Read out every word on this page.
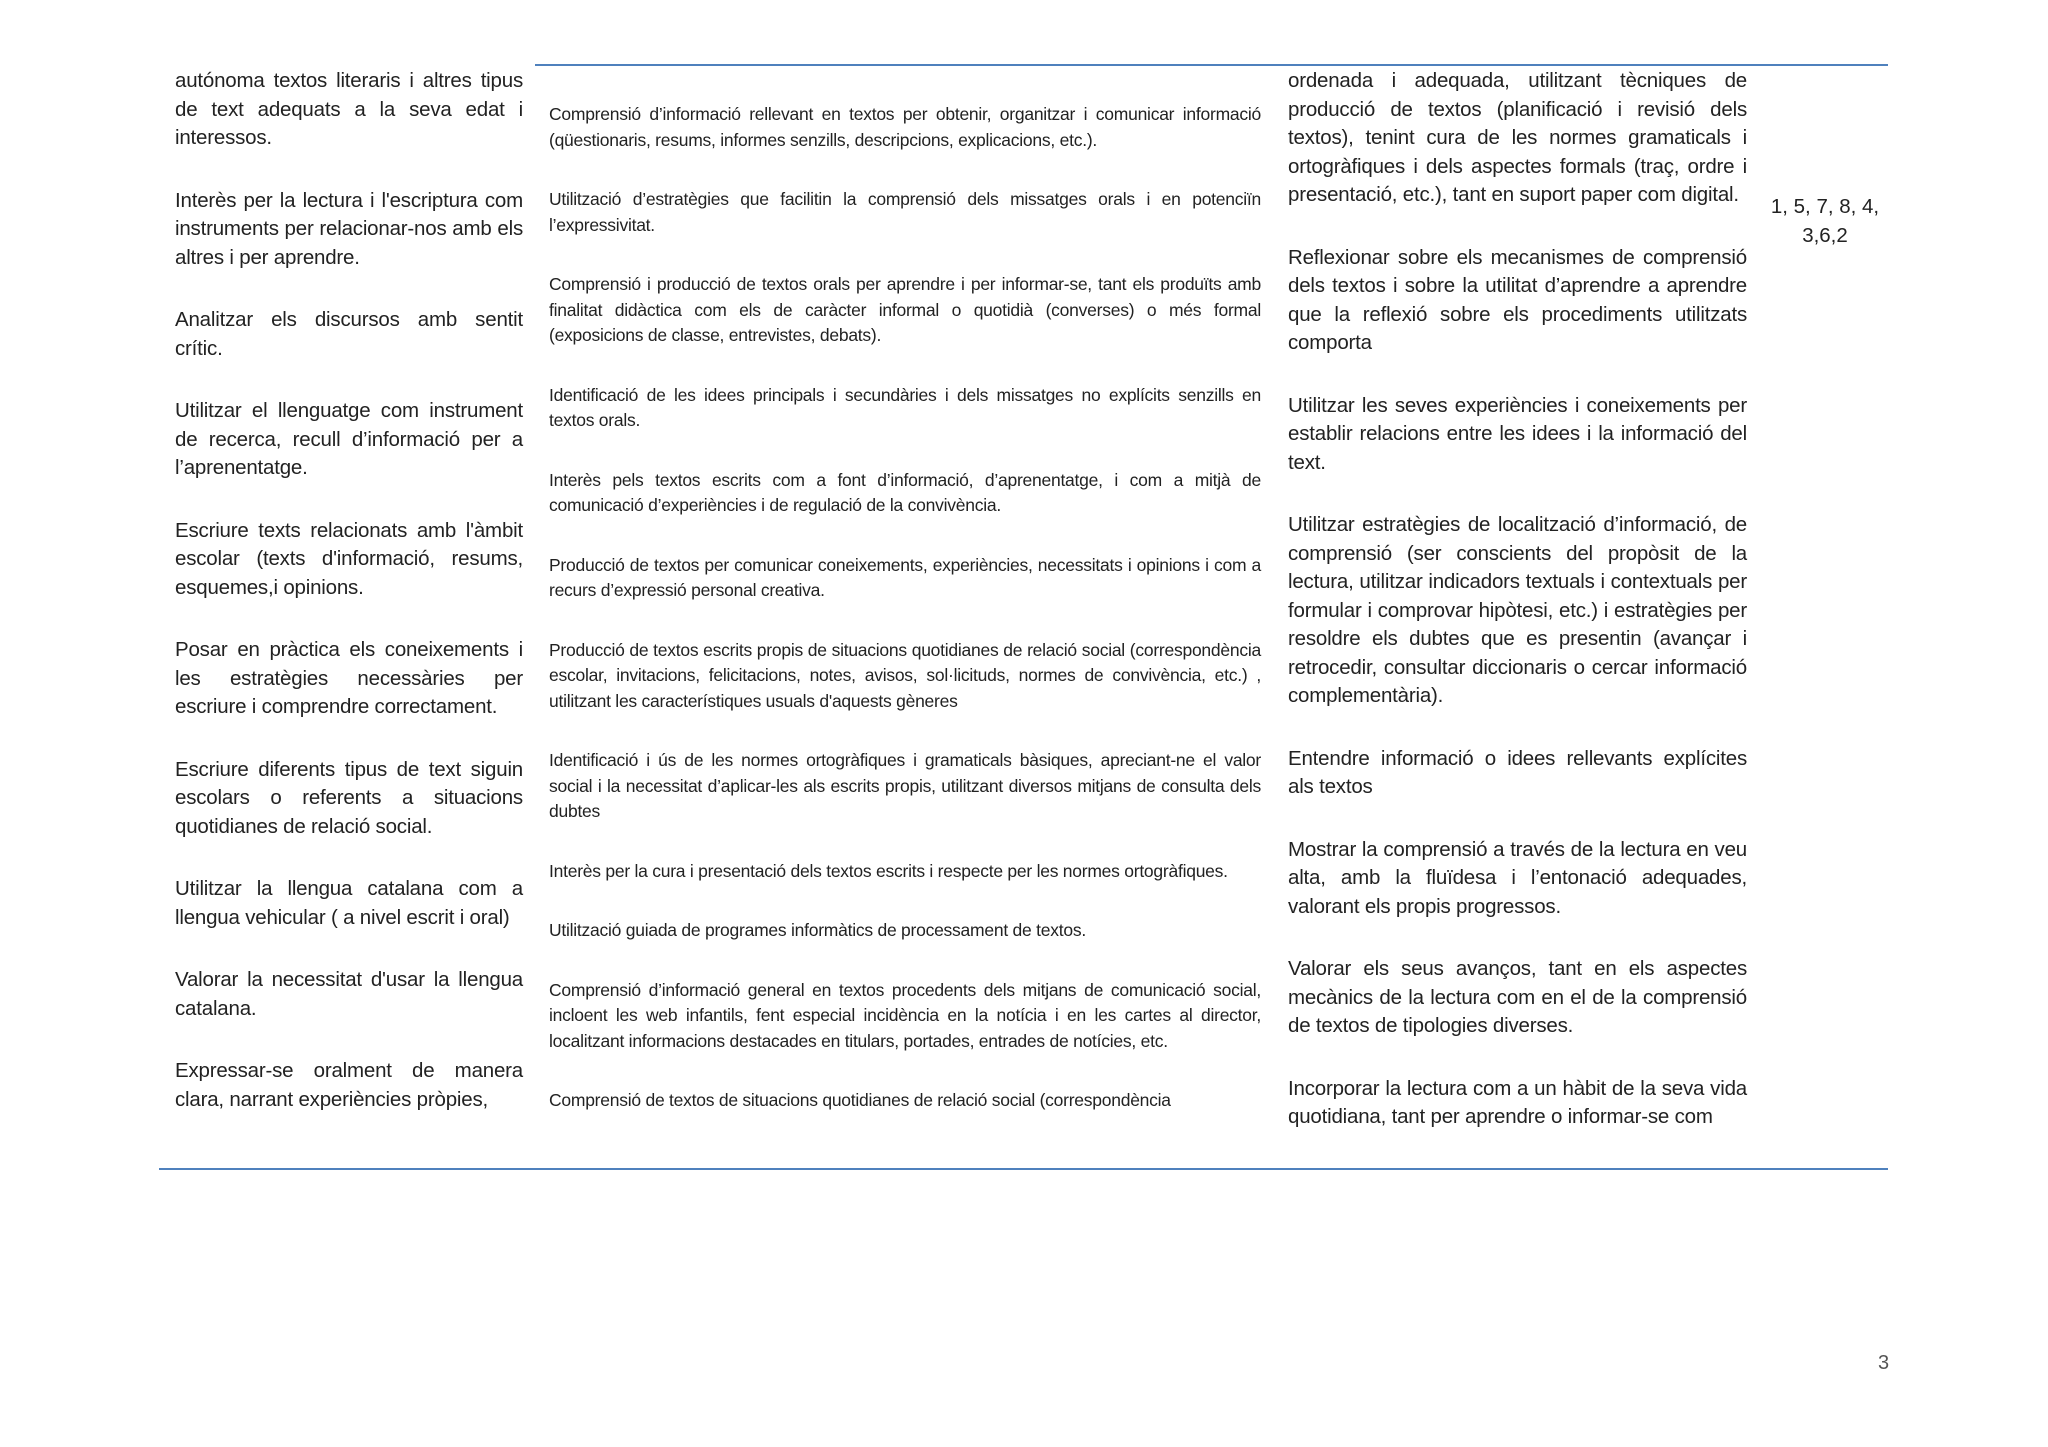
autónoma textos literaris i altres tipus de text adequats a la seva edat i interessos.

Interès per la lectura i l'escriptura com instruments per relacionar-nos amb els altres i per aprendre.

Analitzar els discursos amb sentit crític.

Utilitzar el llenguatge com instrument de recerca, recull d’informació per a l’aprenentatge.

Escriure texts relacionats amb l'àmbit escolar (texts d'informació, resums, esquemes,i opinions.

Posar en pràctica els coneixements i les estratègies necessàries per escriure i comprendre correctament.

Escriure diferents tipus de text siguin escolars o referents a situacions quotidianes de relació social.

Utilitzar la llengua catalana com a llengua vehicular ( a nivel escrit i oral)

Valorar la necessitat d'usar la llengua catalana.

Expressar-se oralment de manera clara, narrant experiències pròpies,

Comprensió d’informació rellevant en textos per obtenir, organitzar i comunicar informació (qüestionaris, resums, informes senzills, descripcions, explicacions, etc.).

Utilització d’estratègies que facilitin la comprensió dels missatges orals i en potenciïn l’expressivitat.

Comprensió i producció de textos orals per aprendre i per informar-se, tant els produïts amb finalitat didàctica com els de caràcter informal o quotidià (converses) o més formal (exposicions de classe, entrevistes, debats).

Identificació de les idees principals i secundàries i dels missatges no explícits senzills en textos orals.

Interès pels textos escrits com a font d’informació, d’aprenentatge, i com a mitjà de comunicació d’experiències i de regulació de la convivència.

Producció de textos per comunicar coneixements, experiències, necessitats i opinions i com a recurs d’expressió personal creativa.

Producció de textos escrits propis de situacions quotidianes de relació social (correspondència escolar, invitacions, felicitacions, notes, avisos, sol·licituds, normes de convivència, etc.) , utilitzant les característiques usuals d'aquests gèneres

Identificació i ús de les normes ortogràfiques i gramaticals bàsiques, apreciant-ne el valor social i la necessitat d’aplicar-les als escrits propis, utilitzant diversos mitjans de consulta dels dubtes

Interès per la cura i presentació dels textos escrits i respecte per les normes ortogràfiques.

Utilització guiada de programes informàtics de processament de textos.

Comprensió d’informació general en textos procedents dels mitjans de comunicació social, incloent les web infantils, fent especial incidència en la notícia i en les cartes al director, localitzant informacions destacades en titulars, portades, entrades de notícies, etc.

Comprensió de textos de situacions quotidianes de relació social (correspondència

ordenada i adequada, utilitzant tècniques de producció de textos (planificació i revisió dels textos), tenint cura de les normes gramaticals i ortogràfiques i dels aspectes formals (traç, ordre i presentació, etc.), tant en suport paper com digital.

Reflexionar sobre els mecanismes de comprensió dels textos i sobre la utilitat d’aprendre a aprendre que la reflexió sobre els procediments utilitzats comporta

Utilitzar les seves experiències i coneixements per establir relacions entre les idees i la informació del text.

Utilitzar estratègies de localització d’informació, de comprensió (ser conscients del propòsit de la lectura, utilitzar indicadors textuals i contextuals per formular i comprovar hipòtesi, etc.) i estratègies per resoldre els dubtes que es presentin (avançar i retrocedir, consultar diccionaris o cercar informació complementària).

Entendre informació o idees rellevants explícites als textos

Mostrar la comprensió a través de la lectura en veu alta, amb la fluïdesa i l’entonació adequades, valorant els propis progressos.

Valorar els seus avanços, tant en els aspectes mecànics de la lectura com en el de la comprensió de textos de tipologies diverses.

Incorporar la lectura com a un hàbit de la seva vida quotidiana, tant per aprendre o informar-se com

1, 5, 7, 8, 4, 3,6,2
3
